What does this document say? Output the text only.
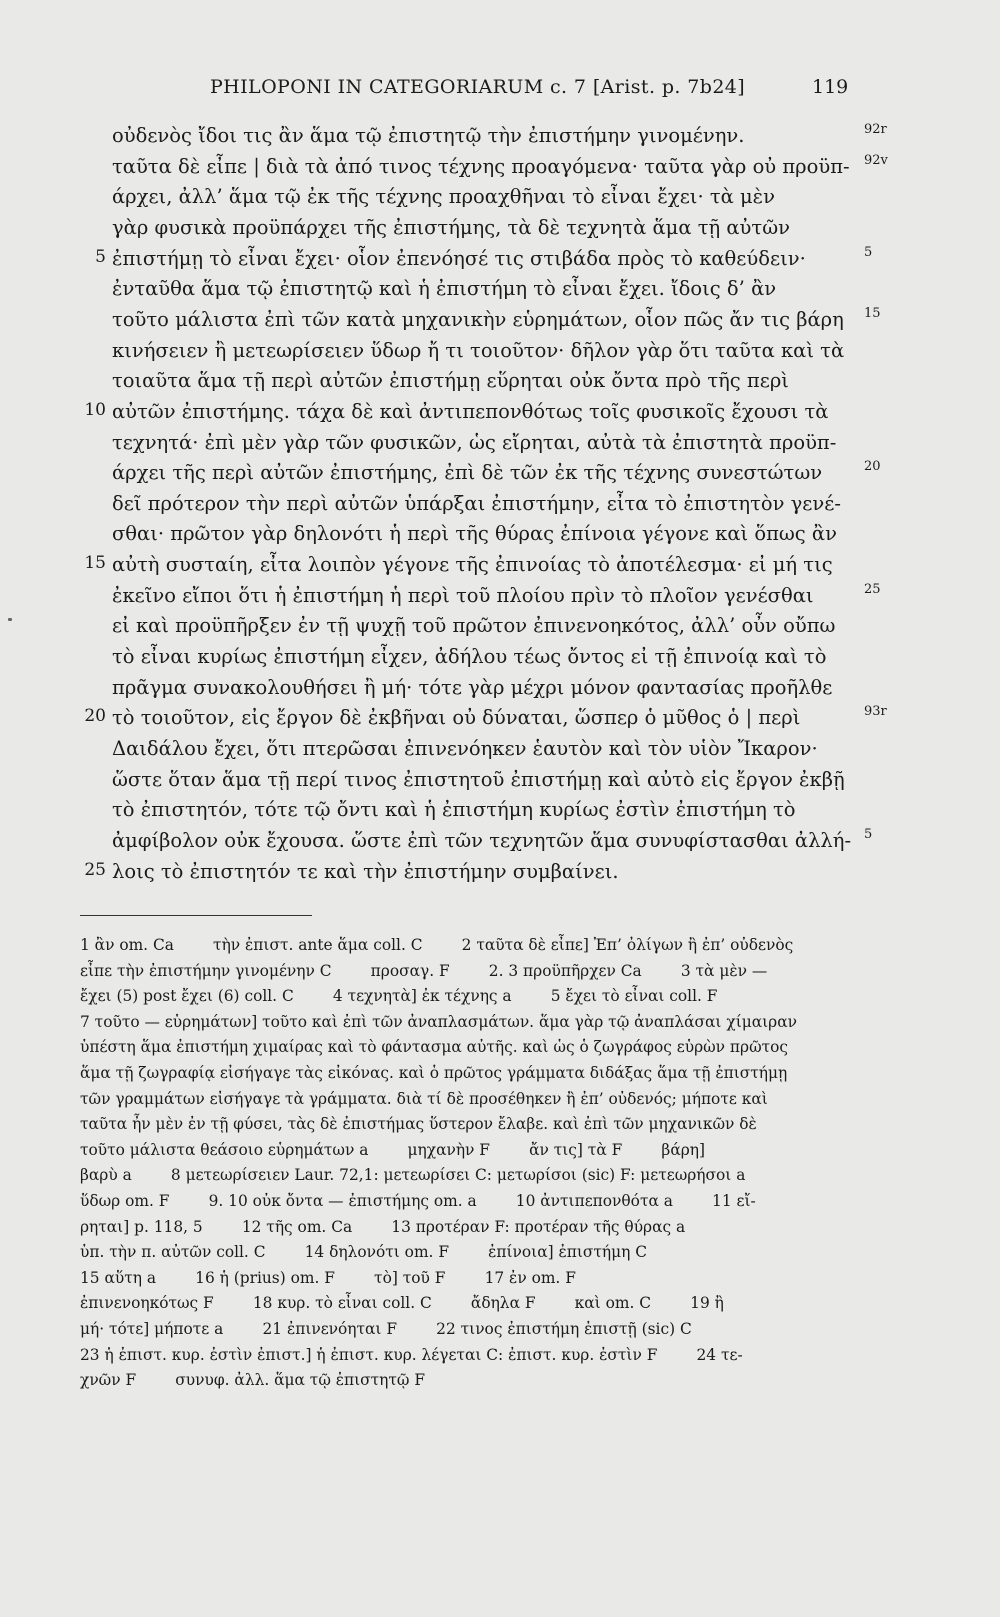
PHILOPONI IN CATEGORIARUM c. 7 [Arist. p. 7b24]	119
οὐδενὸς ἴδοι τις ἂν ἅμα τῷ ἐπιστητῷ τὴν ἐπιστήμην γινομένην.	92r
ταῦτα δὲ εἶπε | διὰ τὰ ἀπό τινος τέχνης προαγόμενα· ταῦτα γὰρ οὐ προϋπ- 92v
άρχει, ἀλλ’ ἅμα τῷ ἐκ τῆς τέχνης προαχθῆναι τὸ εἶναι ἔχει· τὰ μὲν
γὰρ φυσικὰ προϋπάρχει τῆς ἐπιστήμης, τὰ δὲ τεχνητὰ ἅμα τῇ αὐτῶν
5 ἐπιστήμῃ τὸ εἶναι ἔχει· οἷον ἐπενόησέ τις στιβάδα πρὸς τὸ καθεύδειν·	5
ἐνταῦθα ἅμα τῷ ἐπιστητῷ καὶ ἡ ἐπιστήμη τὸ εἶναι ἔχει. ἴδοις δ’ ἂν
τοῦτο μάλιστα ἐπὶ τῶν κατὰ μηχανικὴν εὑρημάτων, οἷον πῶς ἄν τις βάρη 15
κινήσειεν ἢ μετεωρίσειεν ὕδωρ ἤ τι τοιοῦτον· δῆλον γὰρ ὅτι ταῦτα καὶ τὰ
τοιαῦτα ἅμα τῇ περὶ αὐτῶν ἐπιστήμῃ εὕρηται οὐκ ὄντα πρὸ τῆς περὶ
10 αὐτῶν ἐπιστήμης. τάχα δὲ καὶ ἀντιπεπονθότως τοῖς φυσικοῖς ἔχουσι τὰ
τεχνητά· ἐπὶ μὲν γὰρ τῶν φυσικῶν, ὡς εἴρηται, αὐτὰ τὰ ἐπιστητὰ προϋπ-
άρχει τῆς περὶ αὐτῶν ἐπιστήμης, ἐπὶ δὲ τῶν ἐκ τῆς τέχνης συνεστώτων	20
δεῖ πρότερον τὴν περὶ αὐτῶν ὑπάρξαι ἐπιστήμην, εἶτα τὸ ἐπιστητὸν γενέ-
σθαι· πρῶτον γὰρ δηλονότι ἡ περὶ τῆς θύρας ἐπίνοια γέγονε καὶ ὅπως ἂν
15 αὐτὴ συσταίη, εἶτα λοιπὸν γέγονε τῆς ἐπινοίας τὸ ἀποτέλεσμα· εἰ μή τις
ἐκεῖνο εἴποι ὅτι ἡ ἐπιστήμη ἡ περὶ τοῦ πλοίου πρὶν τὸ πλοῖον γενέσθαι	25
εἰ καὶ προϋπῆρξεν ἐν τῇ ψυχῇ τοῦ πρῶτον ἐπινενοηκότος, ἀλλ’ οὖν οὔπω
τὸ εἶναι κυρίως ἐπιστήμη εἶχεν, ἀδήλου τέως ὄντος εἰ τῇ ἐπινοίᾳ καὶ τὸ
πρᾶγμα συνακολουθήσει ἢ μή· τότε γὰρ μέχρι μόνον φαντασίας προῆλθε
20 τὸ τοιοῦτον, εἰς ἔργον δὲ ἐκβῆναι οὐ δύναται, ὥσπερ ὁ μῦθος ὁ | περὶ	93r
Δαιδάλου ἔχει, ὅτι πτερῶσαι ἐπινενόηκεν ἑαυτὸν καὶ τὸν υἱὸν Ἴκαρον·
ὥστε ὅταν ἅμα τῇ περί τινος ἐπιστητοῦ ἐπιστήμῃ καὶ αὐτὸ εἰς ἔργον ἐκβῇ
τὸ ἐπιστητόν, τότε τῷ ὄντι καὶ ἡ ἐπιστήμη κυρίως ἐστὶν ἐπιστήμη τὸ
ἀμφίβολον οὐκ ἔχουσα. ὥστε ἐπὶ τῶν τεχνητῶν ἅμα συνυφίστασθαι ἀλλή- 5
25 λοις τὸ ἐπιστητόν τε καὶ τὴν ἐπιστήμην συμβαίνει.
1 ἂν om. Ca        τὴν ἐπιστ. ante ἅμα coll. C        2 ταῦτα δὲ εἶπε] Ἐπ’ ὀλίγων ἢ ἐπ’ οὐδενὸς
εἶπε τὴν ἐπιστήμην γινομένην C        προσαγ. F        2. 3 προϋπῆρχεν Ca        3 τὰ μὲν —
ἔχει (5) post ἔχει (6) coll. C        4 τεχνητὰ] ἐκ τέχνης a        5 ἔχει τὸ εἶναι coll. F
7 τοῦτο — εὑρημάτων] τοῦτο καὶ ἐπὶ τῶν ἀναπλασμάτων. ἅμα γὰρ τῷ ἀναπλάσαι χίμαιραν
ὑπέστη ἅμα ἐπιστήμη χιμαίρας καὶ τὸ φάντασμα αὐτῆς. καὶ ὡς ὁ ζωγράφος εὑρὼν πρῶτος
ἅμα τῇ ζωγραφίᾳ εἰσήγαγε τὰς εἰκόνας. καὶ ὁ πρῶτος γράμματα διδάξας ἅμα τῇ ἐπιστήμῃ
τῶν γραμμάτων εἰσήγαγε τὰ γράμματα. διὰ τί δὲ προσέθηκεν ἢ ἐπ’ οὐδενός; μήποτε καὶ
ταῦτα ἦν μὲν ἐν τῇ φύσει, τὰς δὲ ἐπιστήμας ὕστερον ἔλαβε. καὶ ἐπὶ τῶν μηχανικῶν δὲ
τοῦτο μάλιστα θεάσοιο εὑρημάτων a        μηχανὴν F        ἄν τις] τὰ F        βάρη]
βαρὺ a        8 μετεωρίσειεν Laur. 72,1: μετεωρίσει C: μετωρίσοι (sic) F: μετεωρήσοι a
ὕδωρ om. F        9. 10 οὐκ ὄντα — ἐπιστήμης om. a        10 ἀντιπεπονθότα a        11 εἴ-
ρηται] p. 118, 5        12 τῆς om. Ca        13 προτέραν F: προτέραν τῆς θύρας a
ὑπ. τὴν π. αὐτῶν coll. C        14 δηλονότι om. F        ἐπίνοια] ἐπιστήμη C
15 αὕτη a        16 ἡ (prius) om. F        τὸ] τοῦ F        17 ἐν om. F
ἐπινενοηκότως F        18 κυρ. τὸ εἶναι coll. C        ἄδηλα F        καὶ om. C        19 ἢ
μή· τότε] μήποτε a        21 ἐπινενόηται F        22 τινος ἐπιστήμη ἐπιστῇ (sic) C
23 ἡ ἐπιστ. κυρ. ἐστὶν ἐπιστ.] ἡ ἐπιστ. κυρ. λέγεται C: ἐπιστ. κυρ. ἐστὶν F        24 τε-
χνῶν F        συνυφ. ἀλλ. ἅμα τῷ ἐπιστητῷ F
